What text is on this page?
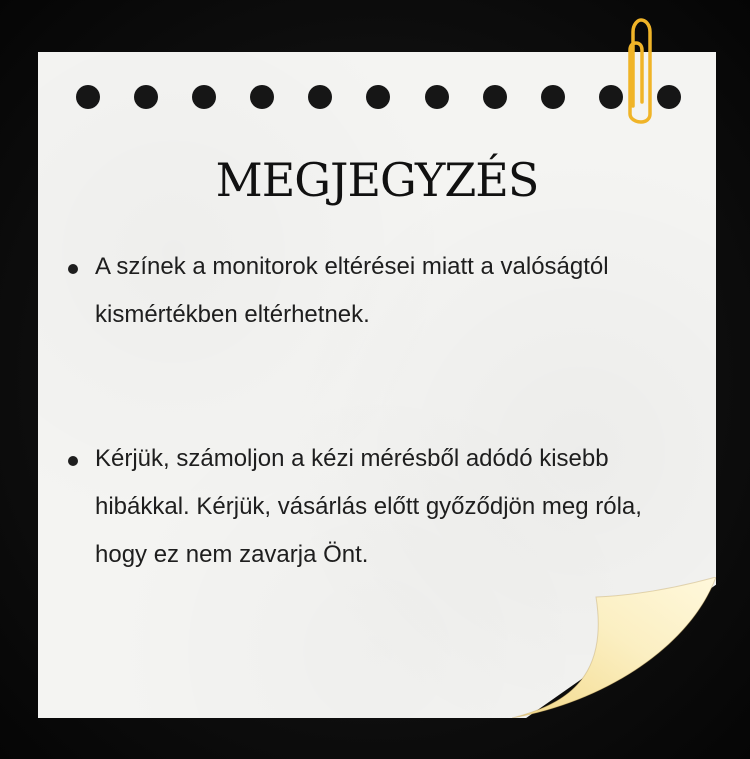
MEGJEGYZÉS
A színek a monitorok eltérései miatt a valóságtól kismértékben eltérhetnek.
Kérjük, számoljon a kézi mérésből adódó kisebb hibákkal. Kérjük, vásárlás előtt győződjön meg róla, hogy ez nem zavarja Önt.
